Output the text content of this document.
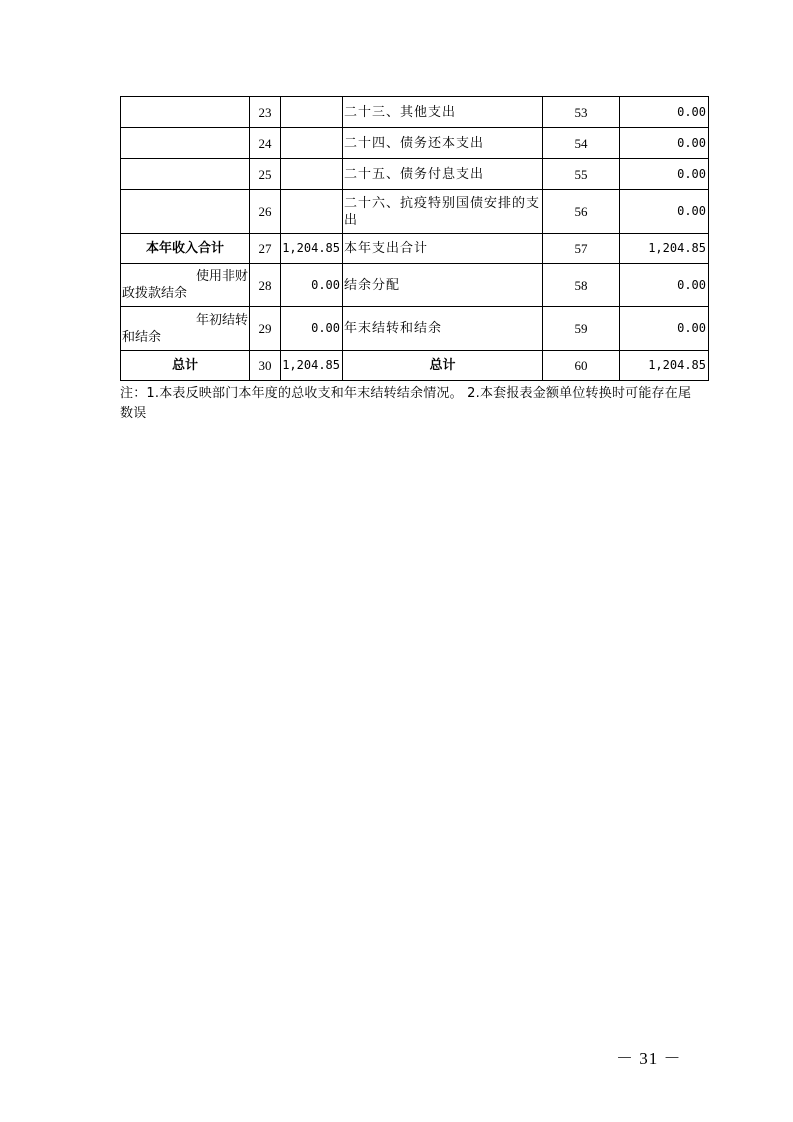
	23		二十三、其他支出	53	0.00
	24		二十四、债务还本支出	54	0.00
	25		二十五、债务付息支出	55	0.00
	26		二十六、抗疫特别国债安排的支出	56	0.00
本年收入合计	27	1,204.85	本年支出合计	57	1,204.85

使用非财
政拨款结余	28	0.00	结余分配	58	0.00

年初结转
和结余	29	0.00	年末结转和结余	59	0.00
总计	30	1,204.85	总计	60	1,204.85
注：1.本表反映部门本年度的总收支和年末结转结余情况。 2.本套报表金额单位转换时可能存在尾数误
－ 31 －
